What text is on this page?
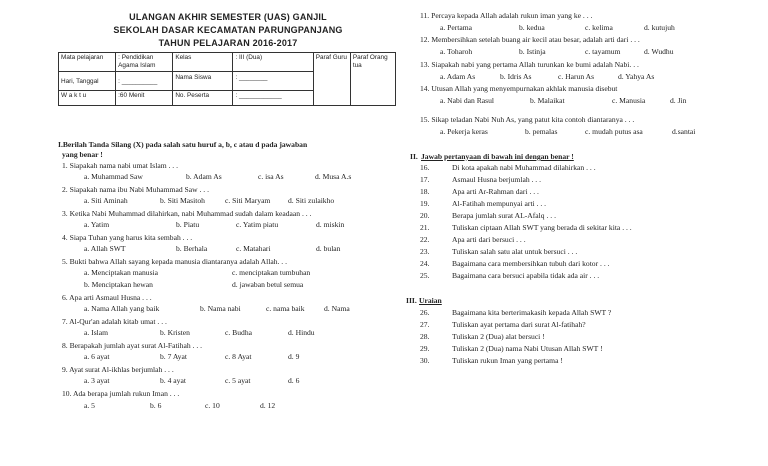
ULANGAN AKHIR SEMESTER (UAS) GANJIL
SEKOLAH DASAR KECAMATAN PARUNGPANJANG
TAHUN PELAJARAN 2016-2017
Mata pelajaran	: Pendidikan Agama Islam	Kelas	: III (Dua)	Paraf Guru	Paraf Orang tua
Hari, Tanggal	: __________	Nama Siswa	: ________		
W a k t u	:60 Menit	No. Peserta	: ____________		
I.Berilah Tanda Silang (X) pada salah satu huruf a, b, c atau d pada jawaban
yang benar !
1. Siapakah nama nabi umat Islam . . .
a. Muhammad Saw	b. Adam As	c. isa As	d. Musa A.s
2. Siapakah nama ibu Nabi Muhammad Saw . . .
a. Siti Aminah	b. Siti Masitoh	c. Siti Maryam d. Siti zulaikho
3. Ketika Nabi Muhammad dilahirkan, nabi Muhammad sudah dalam keadaan . . .
a. Yatim	b. Piatu	c. Yatim piatu	d. miskin
4. Siapa Tuhan yang harus kita sembah . . .
a. Allah SWT	b. Berhala	c. Matahari	d. bulan
5. Bukti bahwa Allah sayang kepada manusia diantaranya adalah Allah. . .
a. Menciptakan manusia	c. menciptakan tumbuhan
b. Menciptakan hewan	d. jawaban betul semua
6. Apa arti Asmaul Husna . . .
a. Nama Allah yang baik	b. Nama nabi	c. nama baik	d. Nama
7. Al-Qur'an adalah kitab umat . . .
a. Islam	b. Kristen	c. Budha	d. Hindu
8. Berapakah jumlah ayat surat Al-Fatihah . . .
a. 6 ayat	b. 7 Ayat	c. 8 Ayat	d. 9
9. Ayat surat Al-ikhlas berjumlah . . .
a. 3 ayat	b. 4 ayat	c. 5 ayat	d. 6
10. Ada berapa jumlah rukun Iman . . .
a. 5	b. 6	c. 10	d. 12
11. Percaya kepada Allah adalah rukun iman yang ke . . .
a. Pertama	b. kedua	c. kelima	d. kutujuh
12. Membersihkan setelah buang air kecil atau besar, adalah arti dari . . .
a. Toharoh	b. Istinja	c. tayamum	d. Wudhu
13. Siapakah nabi yang pertama Allah turunkan ke bumi adalah Nabi. . .
a. Adam As	b. Idris As	c. Harun As	d. Yahya As
14. Utusan Allah yang menyempurnakan akhlak manusia disebut
a. Nabi dan Rasul	b. Malaikat	c. Manusia	d. Jin
15. Sikap teladan Nabi Nuh As, yang patut kita contoh diantaranya . . .
a. Pekerja keras	b. pemalas	c. mudah putus asa	d.santai
II. Jawab pertanyaan di bawah ini dengan benar !
16.	Di kota apakah nabi Muhammad dilahirkan . . .
17.	Asmaul Husna berjumlah . . .
18.	Apa arti Ar-Rahman dari . . .
19.	Al-Fatihah mempunyai arti . . .
20.	Berapa jumlah surat AL-Afalq . . .
21.	Tuliskan ciptaan Allah SWT yang berada di sekitar kita . . .
22.	Apa arti dari bersuci . . .
23.	Tuliskan salah satu alat untuk bersuci . . .
24.	Bagaimana cara membersihkan tubuh dari kotor . . .
25.	Bagaimana cara bersuci apabila tidak ada air . . .
III. Uraian
26.	Bagaimana kita berterimakasih kepada Allah SWT ?
27.	Tuliskan ayat pertama dari surat Al-fatihah?
28.	Tuliskan 2 (Dua) alat bersuci !
29.	Tuliskan 2 (Dua) nama Nabi Utusan Allah SWT !
30.	Tuliskan rukun Iman yang pertama !
